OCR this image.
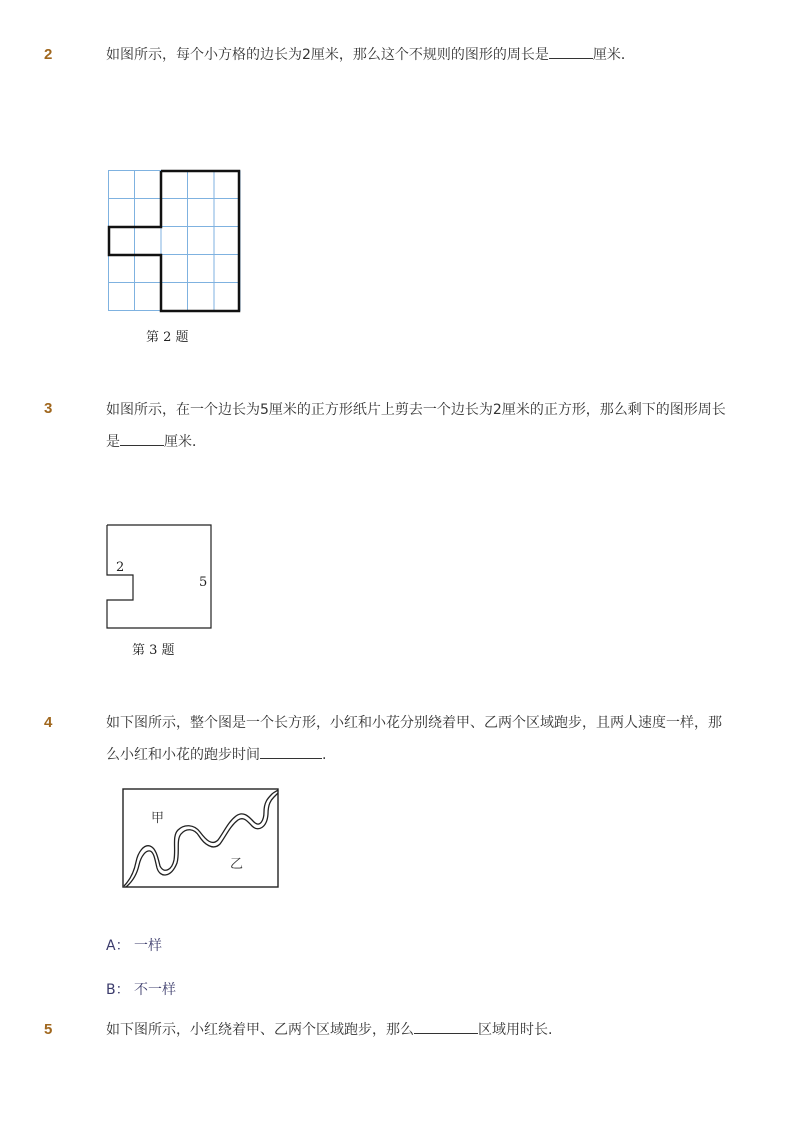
2	如图所示，每个小方格的边长为2厘米，那么这个不规则的图形的周长是	厘米．
第 2 题
3	如图所示，在一个边长为5厘米的正方形纸片上剪去一个边长为2厘米的正方形，那么剩下的图形周长是	厘米．
2
5
第 3 题
4	如下图所示，整个图是一个长方形，小红和小花分别绕着甲、乙两个区域跑步，且两人速度一样，那么小红和小花的跑步时间	.
甲
乙
A： 一样
B： 不一样
5	如下图所示，小红绕着甲、乙两个区域跑步，那么	区域用时长.
